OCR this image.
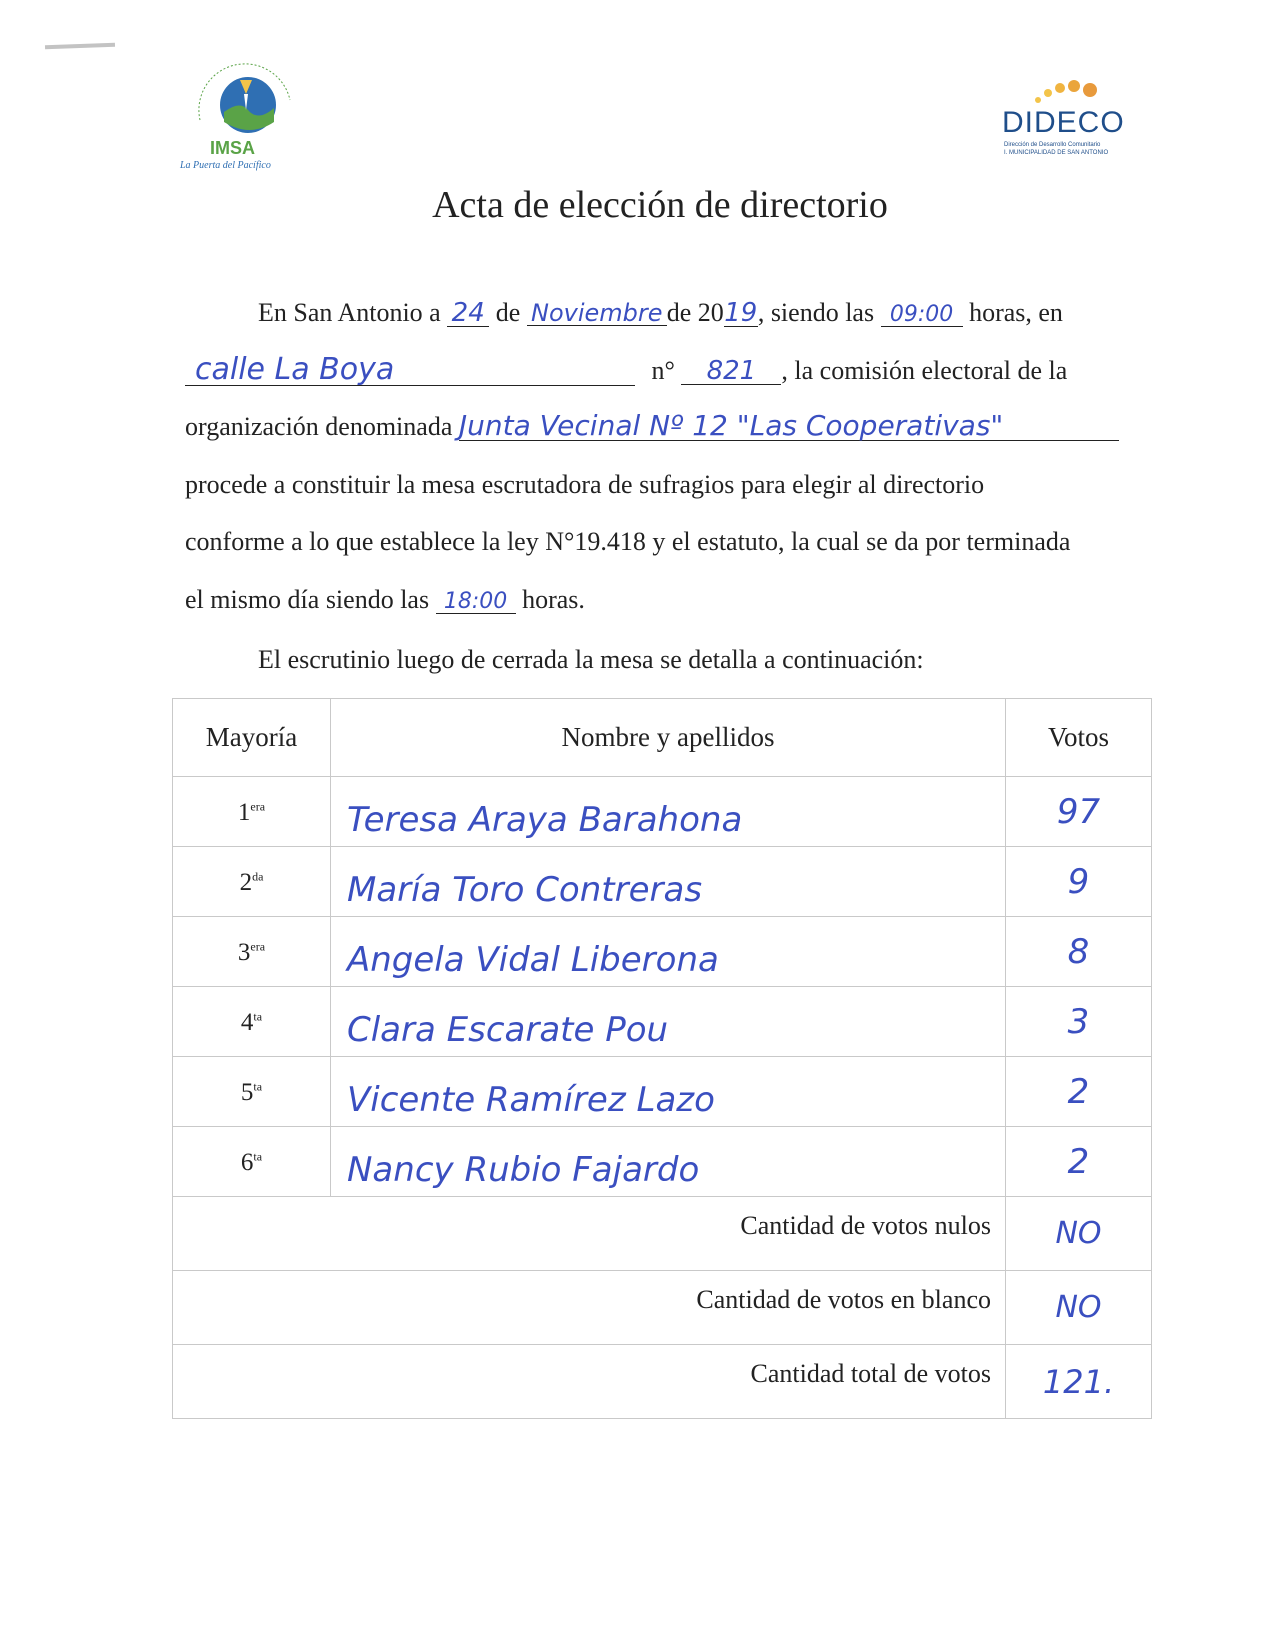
IMSA
La Puerta del Pacífico
DIDECO
Dirección de Desarrollo Comunitario
I. MUNICIPALIDAD DE SAN ANTONIO
Acta de elección de directorio
En San Antonio a 24 de Noviembre de 2019, siendo las 09:00 horas, en
calle La Boya	n° 821 , la comisión electoral de la
organización denominada Junta Vecinal Nº 12 "Las Cooperativas"
procede a constituir la mesa escrutadora de sufragios para elegir al directorio
conforme a lo que establece la ley N°19.418 y el estatuto, la cual se da por terminada
el mismo día siendo las 18:00 horas.
El escrutinio luego de cerrada la mesa se detalla a continuación:
Mayoría	Nombre y apellidos	Votos
$1^{era}$	Teresa Araya Barahona	97
$2^{da}$	María Toro Contreras	9
$3^{era}$	Angela Vidal Liberona	8
$4^{ta}$	Clara Escarate Pou	3
$5^{ta}$	Vicente Ramírez Lazo	2
$6^{ta}$	Nancy Rubio Fajardo	2
Cantidad de votos nulos		NO
Cantidad de votos en blanco		NO
Cantidad total de votos		121.
